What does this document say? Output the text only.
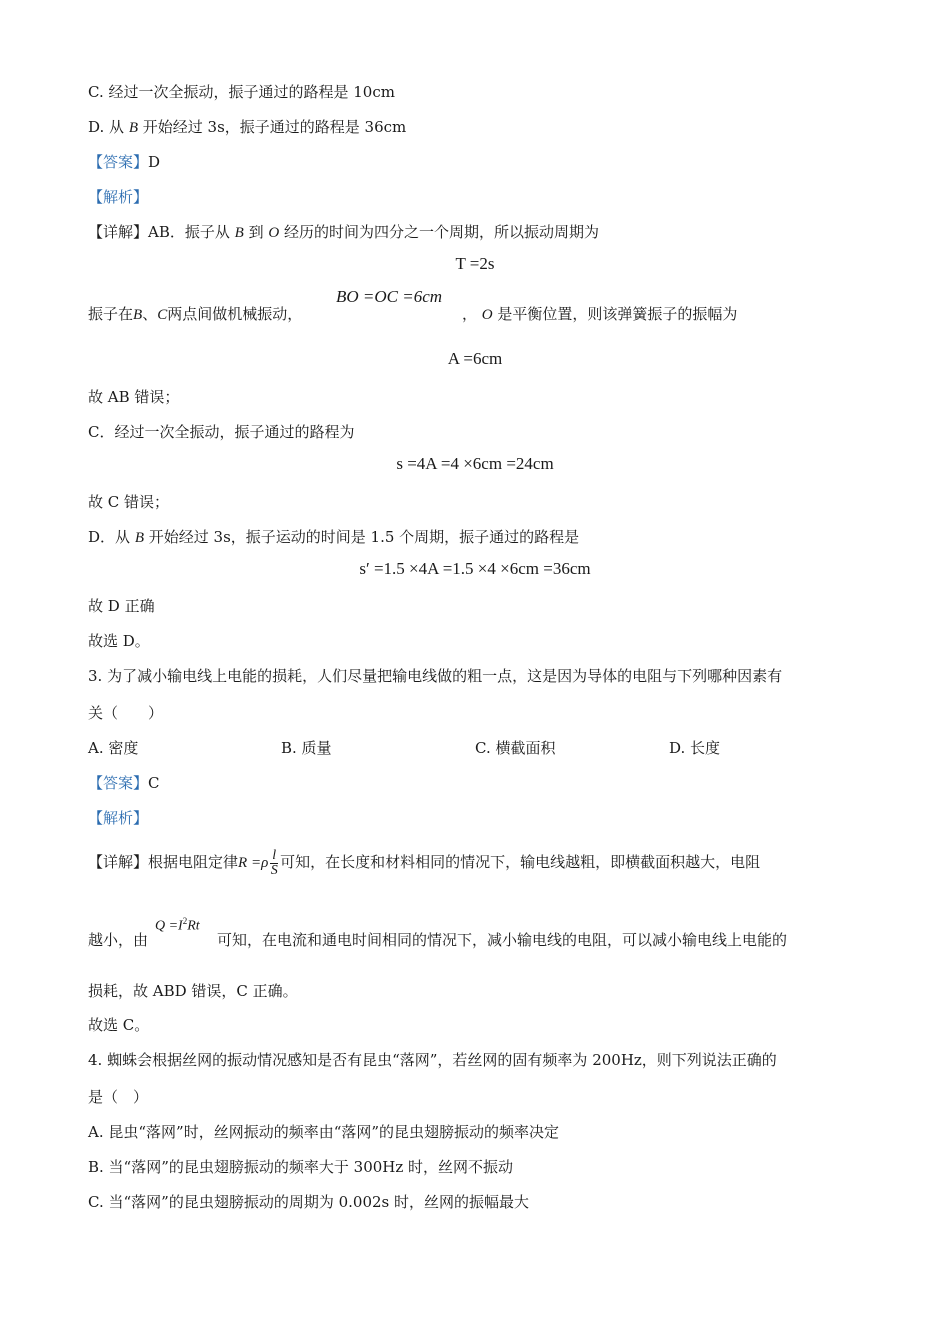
C. 经过一次全振动，振子通过的路程是 10cm
D. 从 B 开始经过 3s，振子通过的路程是 36cm
【答案】D
【解析】
【详解】AB．振子从 B 到 O 经历的时间为四分之一个周期，所以振动周期为
T =2s
BO =OC =6cm
振子在B、C两点间做机械振动，	， O 是平衡位置，则该弹簧振子的振幅为
A =6cm
故 AB 错误；
C．经过一次全振动，振子通过的路程为
s =4A =4 ×6cm =24cm
故 C 错误；
D．从 B 开始经过 3s，振子运动的时间是 1.5 个周期，振子通过的路程是
s′ =1.5 ×4A =1.5 ×4 ×6cm =36cm
故 D 正确
故选 D。
3. 为了减小输电线上电能的损耗，人们尽量把输电线做的粗一点，这是因为导体的电阻与下列哪种因素有
关（　　）
A. 密度	B. 质量	C. 横截面积	D. 长度
【答案】C
【解析】
【详解】根据电阻定律$R =\rho \frac{l}{S}$ 可知，在长度和材料相同的情况下，输电线越粗，即横截面积越大，电阻
$Q =I^2Rt$
越小，由	可知，在电流和通电时间相同的情况下，减小输电线的电阻，可以减小输电线上电能的
损耗，故 ABD 错误，C 正确。
故选 C。
4. 蜘蛛会根据丝网的振动情况感知是否有昆虫“落网”，若丝网的固有频率为 200Hz，则下列说法正确的
是（　）
A. 昆虫“落网”时，丝网振动的频率由“落网”的昆虫翅膀振动的频率决定
B. 当“落网”的昆虫翅膀振动的频率大于 300Hz 时，丝网不振动
C. 当“落网”的昆虫翅膀振动的周期为 0.002s 时，丝网的振幅最大
